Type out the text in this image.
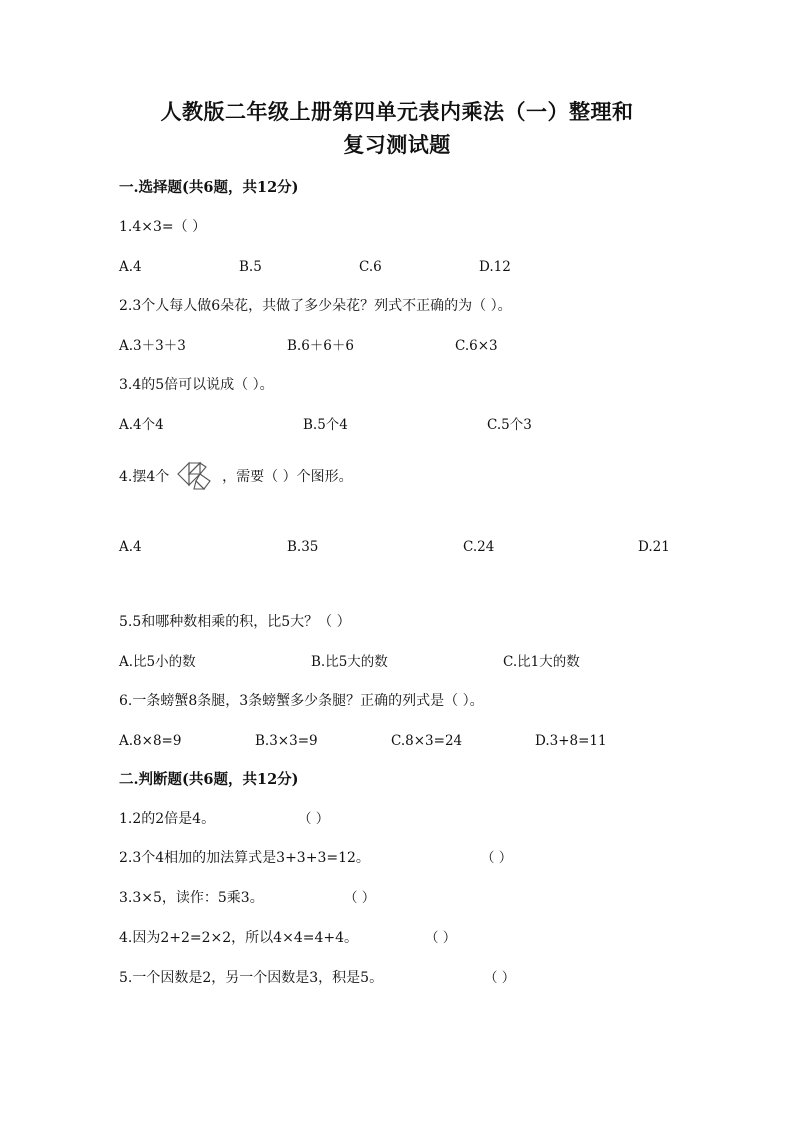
人教版二年级上册第四单元表内乘法（一）整理和
复习测试题
一.选择题(共6题，共12分)
1.4×3=（ ）
A.4	B.5	C.6	D.12
2.3个人每人做6朵花，共做了多少朵花？列式不正确的为（ ）。
A.3＋3＋3	B.6＋6＋6	C.6×3
3.4的5倍可以说成（ ）。
A.4个4	B.5个4	C.5个3
4.摆4个	，需要（ ）个图形。
A.4	B.35	C.24	D.21
5.5和哪种数相乘的积，比5大？（ ）
A.比5小的数	B.比5大的数	C.比1大的数
6.一条螃蟹8条腿，3条螃蟹多少条腿？正确的列式是（ ）。
A.8×8=9	B.3×3=9	C.8×3=24	D.3+8=11
二.判断题(共6题，共12分)
1.2的2倍是4。	（ ）
2.3个4相加的加法算式是3+3+3=12。	（ ）
3.3×5，读作：5乘3。	（ ）
4.因为2+2=2×2，所以4×4=4+4。	（ ）
5.一个因数是2，另一个因数是3，积是5。	（ ）
